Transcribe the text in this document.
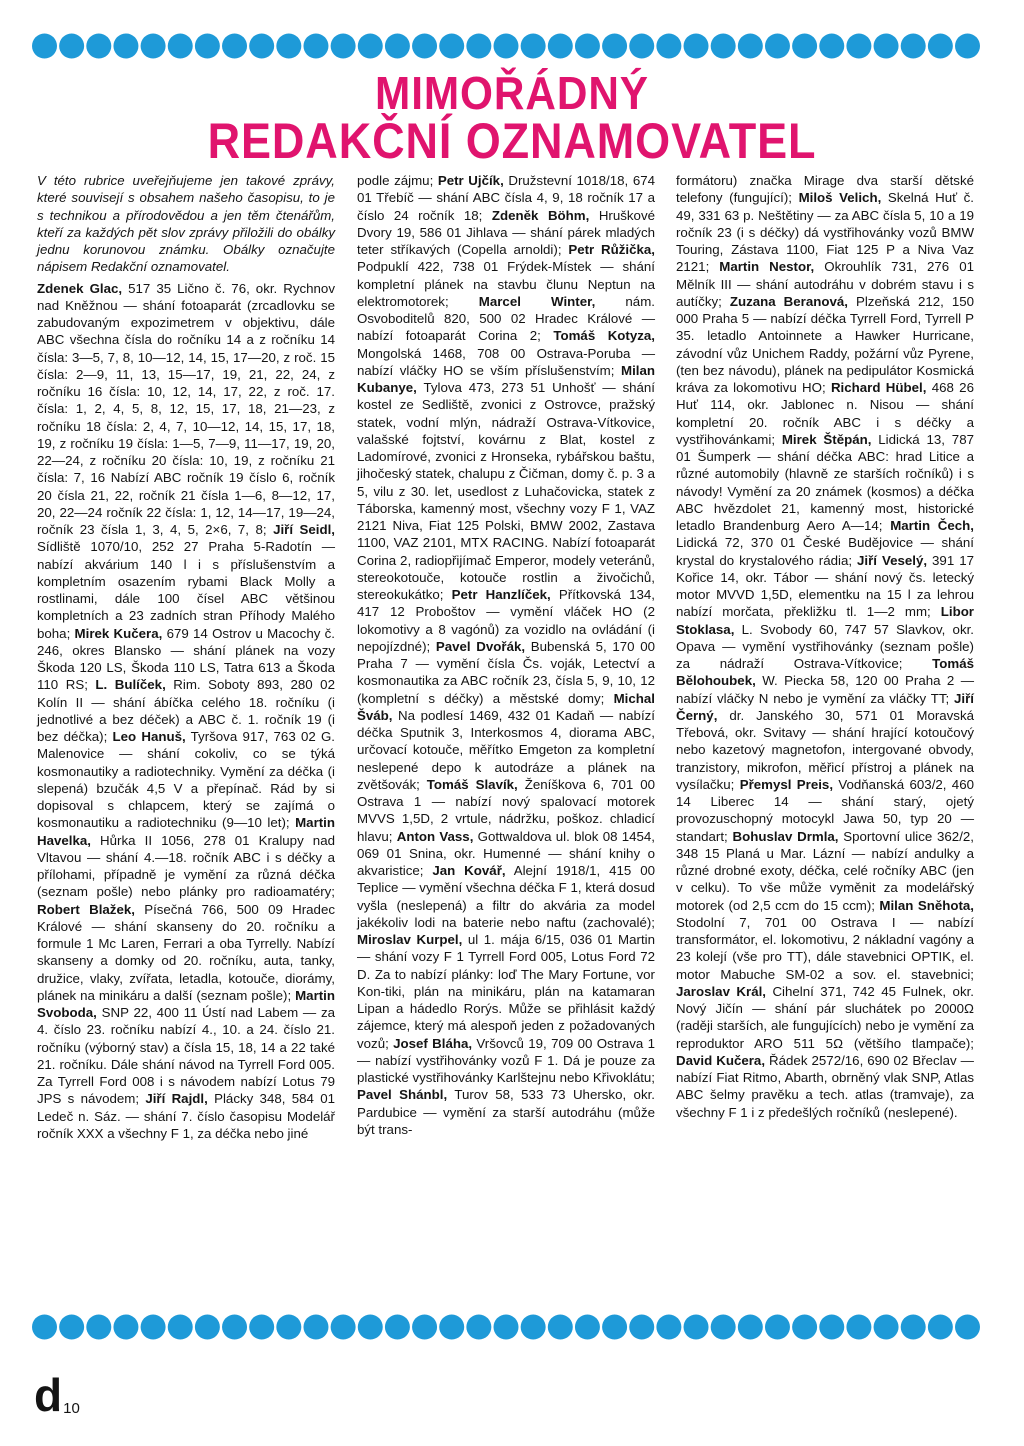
MIMOŘÁDNÝ
REDAKČNÍ OZNAMOVATEL

V této rubrice uveřejňujeme jen takové zprávy, které souvisejí s obsahem našeho časopisu, to je s technikou a přírodovědou a jen těm čtenářům, kteří za každých pět slov zprávy přiložili do obálky jednu korunovou známku. Obálky označujte nápisem Redakční oznamovatel.

Zdenek Glac, 517 35 Lično č. 76, okr. Rychnov nad Kněžnou — shání fotoaparát (zrcadlovku se zabudovaným expozimetrem v objektivu, dále ABC všechna čísla do ročníku 14 a z ročníku 14 čísla: 3—5, 7, 8, 10—12, 14, 15, 17—20, z roč. 15 čísla: 2—9, 11, 13, 15—17, 19, 21, 22, 24, z ročníku 16 čísla: 10, 12, 14, 17, 22, z roč. 17. čísla: 1, 2, 4, 5, 8, 12, 15, 17, 18, 21—23, z ročníku 18 čísla: 2, 4, 7, 10—12, 14, 15, 17, 18, 19, z ročníku 19 čísla: 1—5, 7—9, 11—17, 19, 20, 22—24, z ročníku 20 čísla: 10, 19, z ročníku 21 čísla: 7, 16 Nabízí ABC ročník 19 číslo 6, ročník 20 čísla 21, 22, ročník 21 čísla 1—6, 8—12, 17, 20, 22—24 ročník 22 čísla: 1, 12, 14—17, 19—24, ročník 23 čísla 1, 3, 4, 5, 2×6, 7, 8; Jiří Seidl, Sídliště 1070/10, 252 27 Praha 5-Radotín — nabízí akvárium 140 l i s příslušenstvím a kompletním osazením rybami Black Molly a rostlinami, dále 100 čísel ABC většinou kompletních a 23 zadních stran Příhody Malého boha; Mirek Kučera, 679 14 Ostrov u Macochy č. 246, okres Blansko — shání plánek na vozy Škoda 120 LS, Škoda 110 LS, Tatra 613 a Škoda 110 RS; L. Bulíček, Rim. Soboty 893, 280 02 Kolín II — shání ábíčka celého 18. ročníku (i jednotlivé a bez déček) a ABC č. 1. ročník 19 (i bez déčka); Leo Hanuš, Tyršova 917, 763 02 G. Malenovice — shání cokoliv, co se týká kosmonautiky a radiotechniky. Vymění za déčka (i slepená) bzučák 4,5 V a přepínač. Rád by si dopisoval s chlapcem, který se zajímá o kosmonautiku a radiotechniku (9—10 let); Martin Havelka, Hůrka II 1056, 278 01 Kralupy nad Vltavou — shání 4.—18. ročník ABC i s déčky a přílohami, případně je vymění za různá déčka (seznam pošle) nebo plánky pro radioamatéry; Robert Blažek, Písečná 766, 500 09 Hradec Králové — shání skanseny do 20. ročníku a formule 1 Mc Laren, Ferrari a oba Tyrrelly. Nabízí skanseny a domky od 20. ročníku, auta, tanky, družice, vlaky, zvířata, letadla, kotouče, diorámy, plánek na minikáru a další (seznam pošle); Martin Svoboda, SNP 22, 400 11 Ústí nad Labem — za 4. číslo 23. ročníku nabízí 4., 10. a 24. číslo 21. ročníku (výborný stav) a čísla 15, 18, 14 a 22 také 21. ročníku. Dále shání návod na Tyrrell Ford 005. Za Tyrrell Ford 008 i s návodem nabízí Lotus 79 JPS s návodem; Jiří Rajdl, Plácky 348, 584 01 Ledeč n. Sáz. — shání 7. číslo časopisu Modelář ročník XXX a všechny F 1, za déčka nebo jiné

podle zájmu; Petr Ujčík, Družstevní 1018/18, 674 01 Třebíč — shání ABC čísla 4, 9, 18 ročník 17 a číslo 24 ročník 18; Zdeněk Böhm, Hruškové Dvory 19, 586 01 Jihlava — shání párek mladých teter stříkavých (Copella arnoldi); Petr Růžička, Podpuklí 422, 738 01 Frýdek-Místek — shání kompletní plánek na stavbu člunu Neptun na elektromotorek; Marcel Winter, nám. Osvoboditelů 820, 500 02 Hradec Králové — nabízí fotoaparát Corina 2; Tomáš Kotyza, Mongolská 1468, 708 00 Ostrava-Poruba — nabízí vláčky HO se vším příslušenstvím; Milan Kubanye, Tylova 473, 273 51 Unhošť — shání kostel ze Sedliště, zvonici z Ostrovce, pražský statek, vodní mlýn, nádraží Ostrava-Vítkovice, valašské fojtství, kovárnu z Blat, kostel z Ladomírové, zvonici z Hronseka, rybářskou baštu, jihočeský statek, chalupu z Čičman, domy č. p. 3 a 5, vilu z 30. let, usedlost z Luhačovicka, statek z Táborska, kamenný most, všechny vozy F 1, VAZ 2121 Niva, Fiat 125 Polski, BMW 2002, Zastava 1100, VAZ 2101, MTX RACING. Nabízí fotoaparát Corina 2, radiopřijímač Emperor, modely veteránů, stereokotouče, kotouče rostlin a živočichů, stereokukátko; Petr Hanzlíček, Přítkovská 134, 417 12 Proboštov — vymění vláček HO (2 lokomotivy a 8 vagónů) za vozidlo na ovládání (i nepojízdné); Pavel Dvořák, Bubenská 5, 170 00 Praha 7 — vymění čísla Čs. voják, Letectví a kosmonautika za ABC ročník 23, čísla 5, 9, 10, 12 (kompletní s déčky) a městské domy; Michal Šváb, Na podlesí 1469, 432 01 Kadaň — nabízí déčka Sputnik 3, Interkosmos 4, diorama ABC, určovací kotouče, měřítko Emgeton za kompletní neslepené depo k autodráze a plánek na zvětšovák; Tomáš Slavík, Ženíškova 6, 701 00 Ostrava 1 — nabízí nový spalovací motorek MVVS 1,5D, 2 vrtule, nádržku, poškoz. chladicí hlavu; Anton Vass, Gottwaldova ul. blok 08 1454, 069 01 Snina, okr. Humenné — shání knihy o akvaristice; Jan Kovář, Alejní 1918/1, 415 00 Teplice — vymění všechna déčka F 1, která dosud vyšla (neslepená) a filtr do akvária za model jakékoliv lodi na baterie nebo naftu (zachovalé); Miroslav Kurpel, ul 1. mája 6/15, 036 01 Martin — shání vozy F 1 Tyrrell Ford 005, Lotus Ford 72 D. Za to nabízí plánky: loď The Mary Fortune, vor Kon-tiki, plán na minikáru, plán na katamaran Lipan a hádedlo Rorýs. Může se přihlásit každý zájemce, který má alespoň jeden z požadovaných vozů; Josef Bláha, Vršovců 19, 709 00 Ostrava 1 — nabízí vystřihovánky vozů F 1. Dá je pouze za plastické vystřihovánky Karlštejnu nebo Křivoklátu; Pavel Shánbl, Turov 58, 533 73 Uhersko, okr. Pardubice — vymění za starší autodráhu (může být trans-

formátoru) značka Mirage dva starší dětské telefony (fungující); Miloš Velich, Skelná Huť č. 49, 331 63 p. Neštětiny — za ABC čísla 5, 10 a 19 ročník 23 (i s déčky) dá vystřihovánky vozů BMW Touring, Zástava 1100, Fiat 125 P a Niva Vaz 2121; Martin Nestor, Okrouhlík 731, 276 01 Mělník III — shání autodráhu v dobrém stavu i s autíčky; Zuzana Beranová, Plzeňská 212, 150 000 Praha 5 — nabízí déčka Tyrrell Ford, Tyrrell P 35. letadlo Antoinnete a Hawker Hurricane, závodní vůz Unichem Raddy, požární vůz Pyrene, (ten bez návodu), plánek na pedipulátor Kosmická kráva za lokomotivu HO; Richard Hübel, 468 26 Huť 114, okr. Jablonec n. Nisou — shání kompletní 20. ročník ABC i s déčky a vystřihovánkami; Mirek Štěpán, Lidická 13, 787 01 Šumperk — shání déčka ABC: hrad Litice a různé automobily (hlavně ze starších ročníků) i s návody! Vymění za 20 známek (kosmos) a déčka ABC hvězdolet 21, kamenný most, historické letadlo Brandenburg Aero A—14; Martin Čech, Lidická 72, 370 01 České Budějovice — shání krystal do krystalového rádia; Jiří Veselý, 391 17 Kořice 14, okr. Tábor — shání nový čs. letecký motor MVVD 1,5D, elementku na 15 l za lehrou nabízí morčata, překližku tl. 1—2 mm; Libor Stoklasa, L. Svobody 60, 747 57 Slavkov, okr. Opava — vymění vystřihovánky (seznam pošle) za nádraží Ostrava-Vítkovice; Tomáš Bělohoubek, W. Piecka 58, 120 00 Praha 2 — nabízí vláčky N nebo je vymění za vláčky TT; Jiří Černý, dr. Janského 30, 571 01 Moravská Třebová, okr. Svitavy — shání hrající kotoučový nebo kazetový magnetofon, intergované obvody, tranzistory, mikrofon, měřicí přístroj a plánek na vysílačku; Přemysl Preis, Vodňanská 603/2, 460 14 Liberec 14 — shání starý, ojetý provozuschopný motocykl Jawa 50, typ 20 — standart; Bohuslav Drmla, Sportovní ulice 362/2, 348 15 Planá u Mar. Lázní — nabízí andulky a různé drobné exoty, déčka, celé ročníky ABC (jen v celku). To vše může vyměnit za modelářský motorek (od 2,5 ccm do 15 ccm); Milan Sněhota, Stodolní 7, 701 00 Ostrava I — nabízí transformátor, el. lokomotivu, 2 nákladní vagóny a 23 kolejí (vše pro TT), dále stavebnici OPTIK, el. motor Mabuche SM-02 a sov. el. stavebnici; Jaroslav Král, Cihelní 371, 742 45 Fulnek, okr. Nový Jičín — shání pár sluchátek po 2000Ω (raději starších, ale fungujících) nebo je vymění za reproduktor ARO 511 5Ω (většího tlampače); David Kučera, Řádek 2572/16, 690 02 Břeclav — nabízí Fiat Ritmo, Abarth, obrněný vlak SNP, Atlas ABC šelmy pravěku a tech. atlas (tramvaje), za všechny F 1 i z předešlých ročníků (neslepené).

d10
